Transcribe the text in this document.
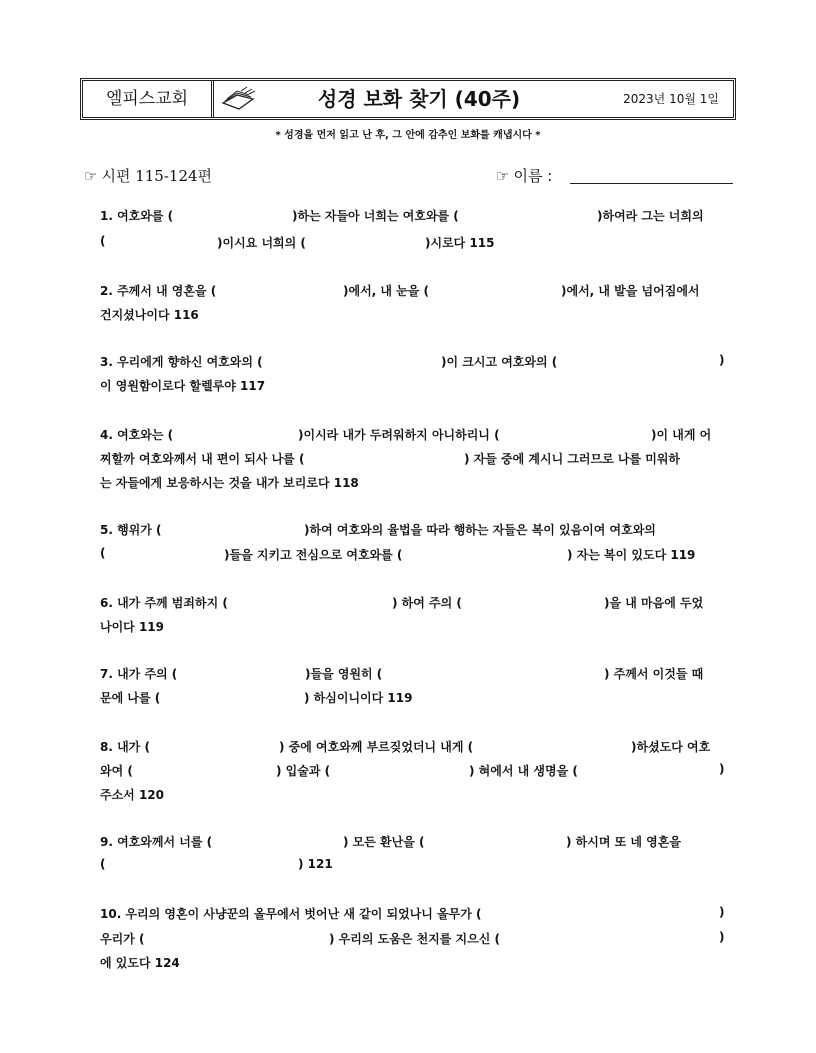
엘피스교회	성경 보화 찾기 (40주)	2023년 10월 1일
* 성경을 먼저 읽고 난 후, 그 안에 감추인 보화를 캐냅시다 *
☞ 시편 115-124편	☞ 이름 :
1. 여호와를 (	)하는 자들아 너희는 여호와를 (	)하여라 그는 너희의
(	)이시요 너희의 (	)시로다 115
2. 주께서 내 영혼을 (	)에서, 내 눈을 (	)에서, 내 발을 넘어짐에서
건지셨나이다 116
3. 우리에게 향하신 여호와의 (	)이 크시고 여호와의 (	)
이 영원함이로다 할렐루야 117
4. 여호와는 (	)이시라 내가 두려워하지 아니하리니 (	)이 내게 어
찌할까 여호와께서 내 편이 되사 나를 (	) 자들 중에 계시니 그러므로 나를 미워하
는 자들에게 보응하시는 것을 내가 보리로다 118
5. 행위가 (	)하여 여호와의 율법을 따라 행하는 자들은 복이 있음이여 여호와의
(	)들을 지키고 전심으로 여호와를 (	) 자는 복이 있도다 119
6. 내가 주께 범죄하지 (	) 하여 주의 (	)을 내 마음에 두었
나이다 119
7. 내가 주의 (	)들을 영원히 (	) 주께서 이것들 때
문에 나를 (	) 하심이니이다 119
8. 내가 (	) 중에 여호와께 부르짖었더니 내게 (	)하셨도다 여호
와여 (	) 입술과 (	) 혀에서 내 생명을 (	)
주소서 120
9. 여호와께서 너를 (	) 모든 환난을 (	) 하시며 또 네 영혼을
(	) 121
10. 우리의 영혼이 사냥꾼의 올무에서 벗어난 새 같이 되었나니 올무가 (	)
우리가 (	) 우리의 도움은 천지를 지으신 (	)
에 있도다 124
